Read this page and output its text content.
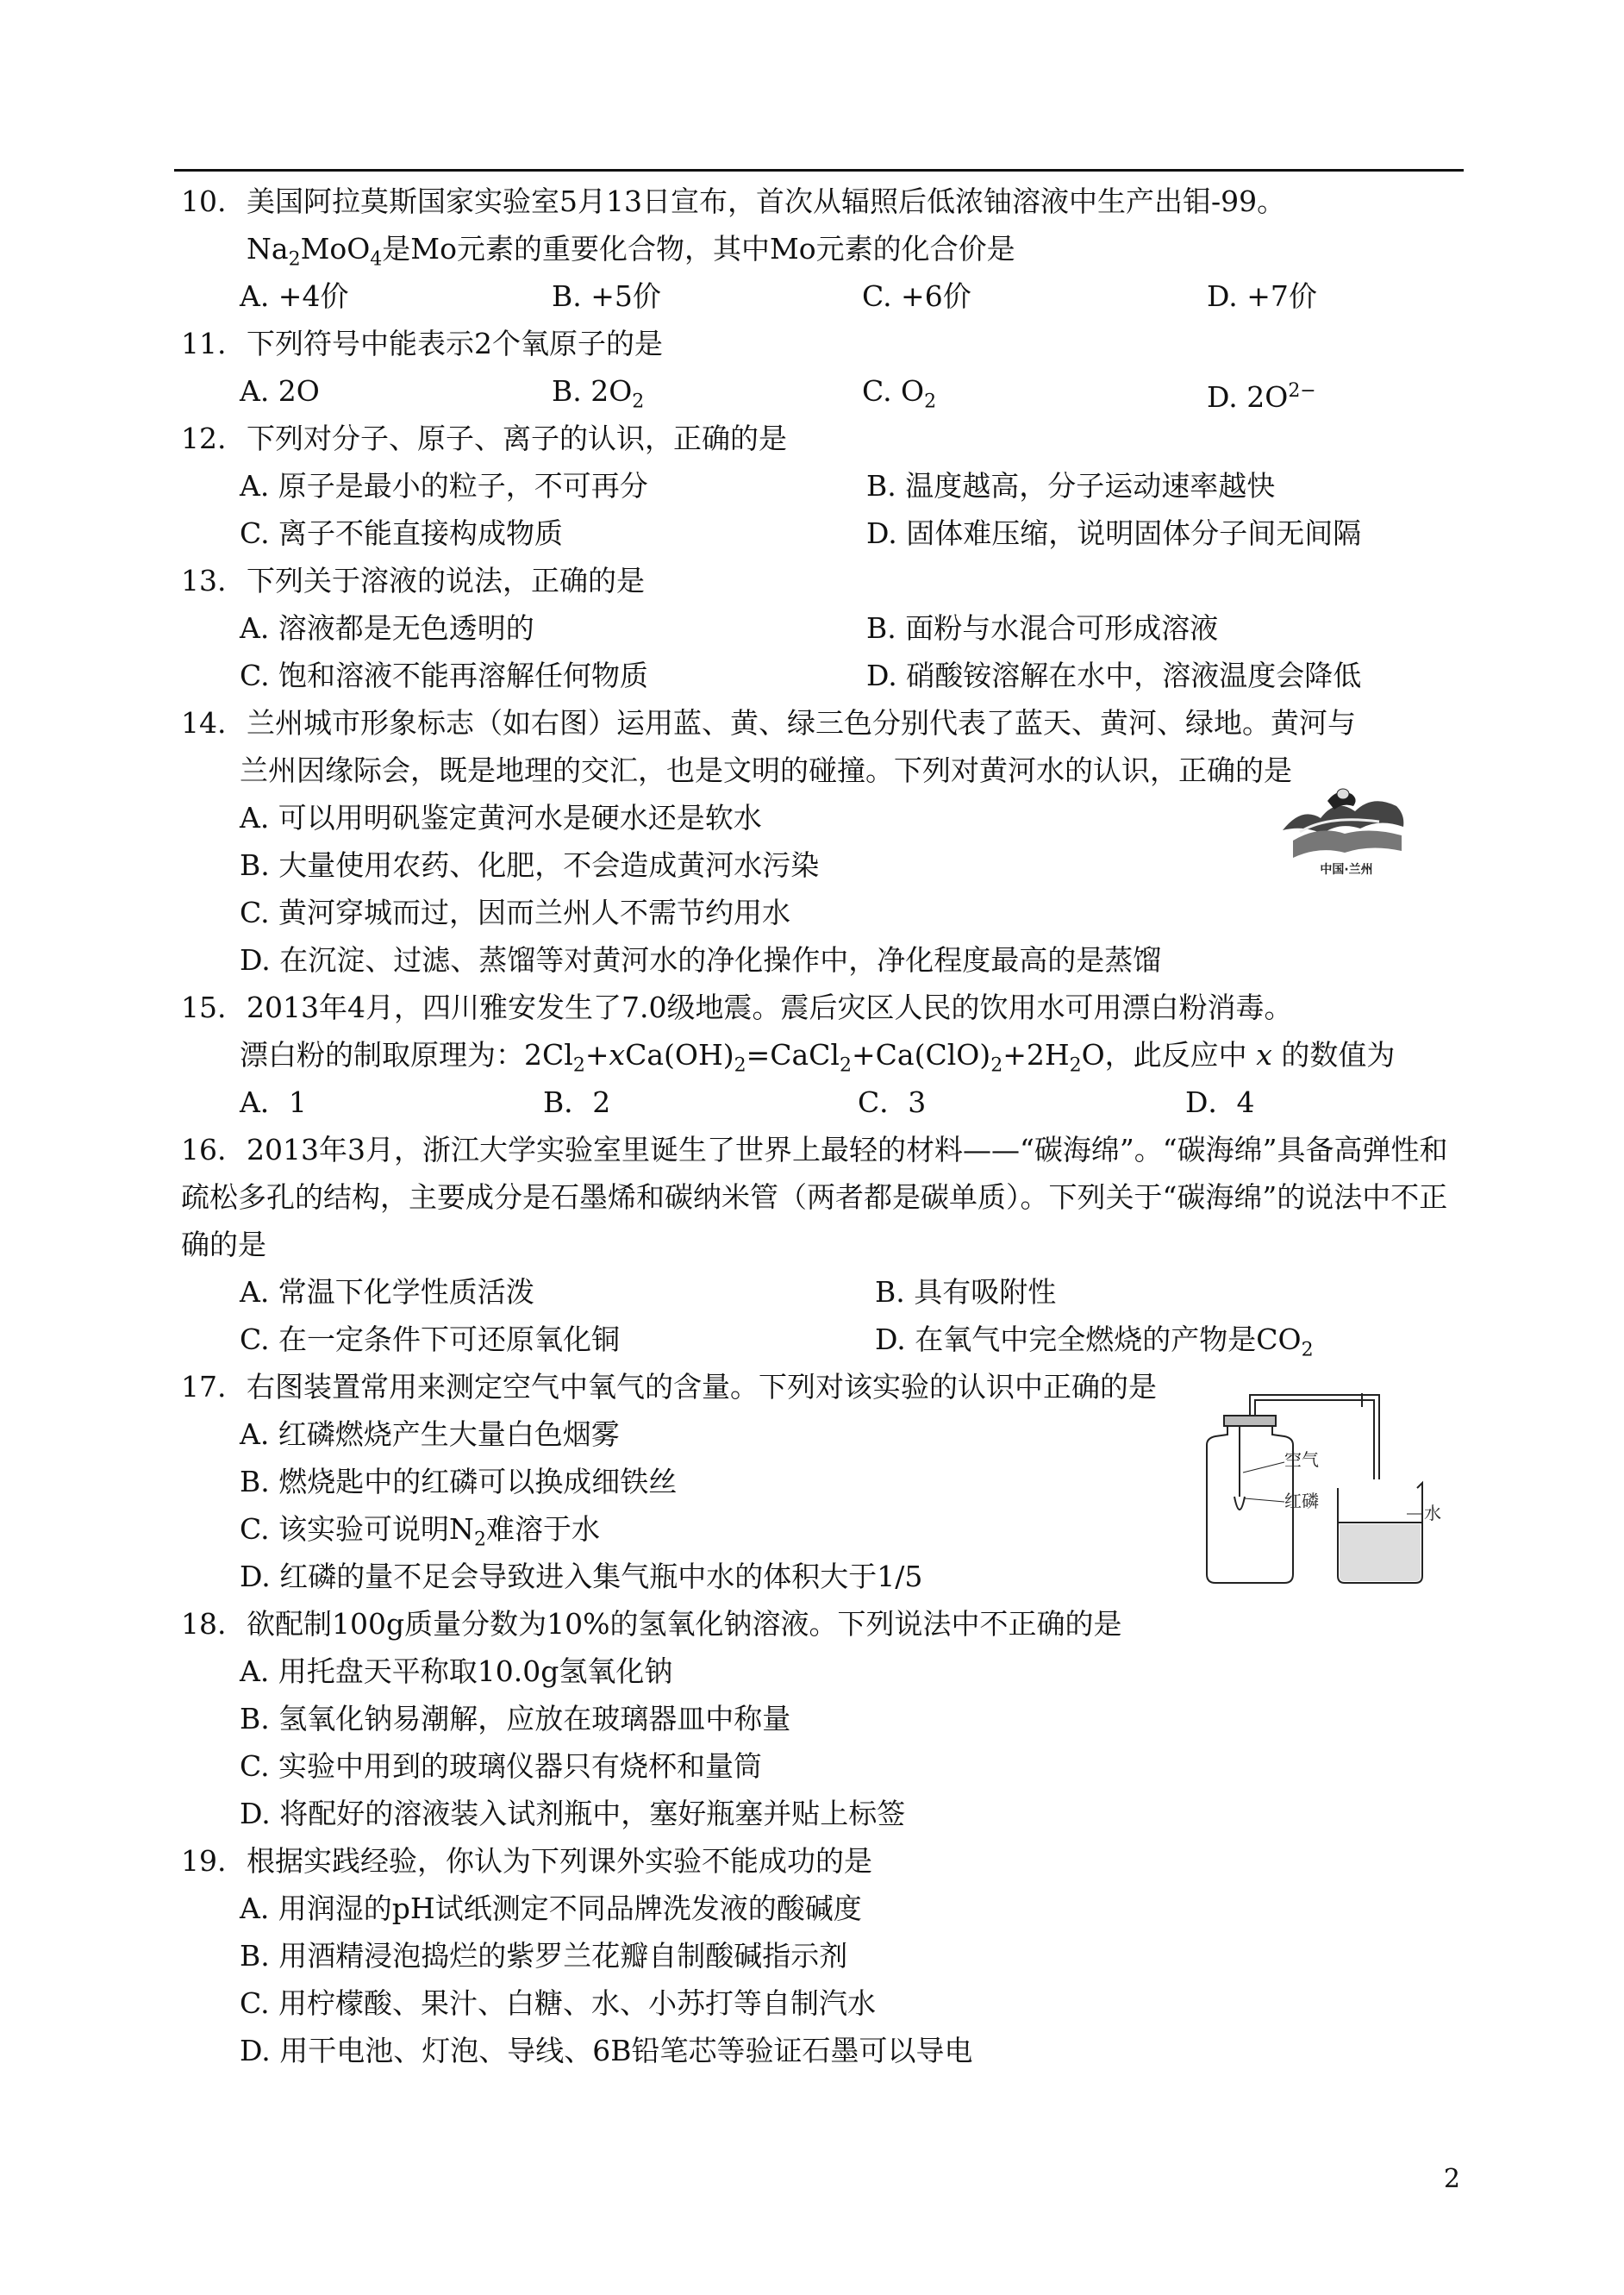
10. 美国阿拉莫斯国家实验室5月13日宣布，首次从辐照后低浓铀溶液中生产出钼-99。
$Na_2MoO_4$是Mo元素的重要化合物，其中Mo元素的化合价是
A. +4价	B. +5价	C. +6价	D. +7价
11. 下列符号中能表示2个氧原子的是
A. 2O	B. $2O_2$	C. $O_2$	D. $2O^{2-}$
12. 下列对分子、原子、离子的认识，正确的是
A. 原子是最小的粒子，不可再分	B. 温度越高，分子运动速率越快
C. 离子不能直接构成物质	D. 固体难压缩，说明固体分子间无间隔
13. 下列关于溶液的说法，正确的是
A. 溶液都是无色透明的	B. 面粉与水混合可形成溶液
C. 饱和溶液不能再溶解任何物质	D. 硝酸铵溶解在水中，溶液温度会降低
14. 兰州城市形象标志（如右图）运用蓝、黄、绿三色分别代表了蓝天、黄河、绿地。黄河与
兰州因缘际会，既是地理的交汇，也是文明的碰撞。下列对黄河水的认识，正确的是
A. 可以用明矾鉴定黄河水是硬水还是软水
B. 大量使用农药、化肥，不会造成黄河水污染
C. 黄河穿城而过，因而兰州人不需节约用水
D. 在沉淀、过滤、蒸馏等对黄河水的净化操作中，净化程度最高的是蒸馏
中国·兰州
15. 2013年4月，四川雅安发生了7.0级地震。震后灾区人民的饮用水可用漂白粉消毒。
漂白粉的制取原理为：$2Cl_2+xCa(OH)_2=CaCl_2+Ca(ClO)_2+2H_2O$，此反应中 x 的数值为
A．1	B．2	C．3	D．4
16. 2013年3月，浙江大学实验室里诞生了世界上最轻的材料——“碳海绵”。“碳海绵”具备高弹性和疏松多孔的结构，主要成分是石墨烯和碳纳米管（两者都是碳单质）。下列关于“碳海绵”的说法中不正确的是
A. 常温下化学性质活泼	B. 具有吸附性
C. 在一定条件下可还原氧化铜	D. 在氧气中完全燃烧的产物是$CO_2$
17. 右图装置常用来测定空气中氧气的含量。下列对该实验的认识中正确的是
A. 红磷燃烧产生大量白色烟雾
B. 燃烧匙中的红磷可以换成细铁丝
C. 该实验可说明$N_2$难溶于水
D. 红磷的量不足会导致进入集气瓶中水的体积大于1/5
空气
红磷
水
18. 欲配制100g质量分数为10%的氢氧化钠溶液。下列说法中不正确的是
A. 用托盘天平称取10.0g氢氧化钠
B. 氢氧化钠易潮解，应放在玻璃器皿中称量
C. 实验中用到的玻璃仪器只有烧杯和量筒
D. 将配好的溶液装入试剂瓶中，塞好瓶塞并贴上标签
19. 根据实践经验，你认为下列课外实验不能成功的是
A. 用润湿的pH试纸测定不同品牌洗发液的酸碱度
B. 用酒精浸泡捣烂的紫罗兰花瓣自制酸碱指示剂
C. 用柠檬酸、果汁、白糖、水、小苏打等自制汽水
D. 用干电池、灯泡、导线、6B铅笔芯等验证石墨可以导电
2
